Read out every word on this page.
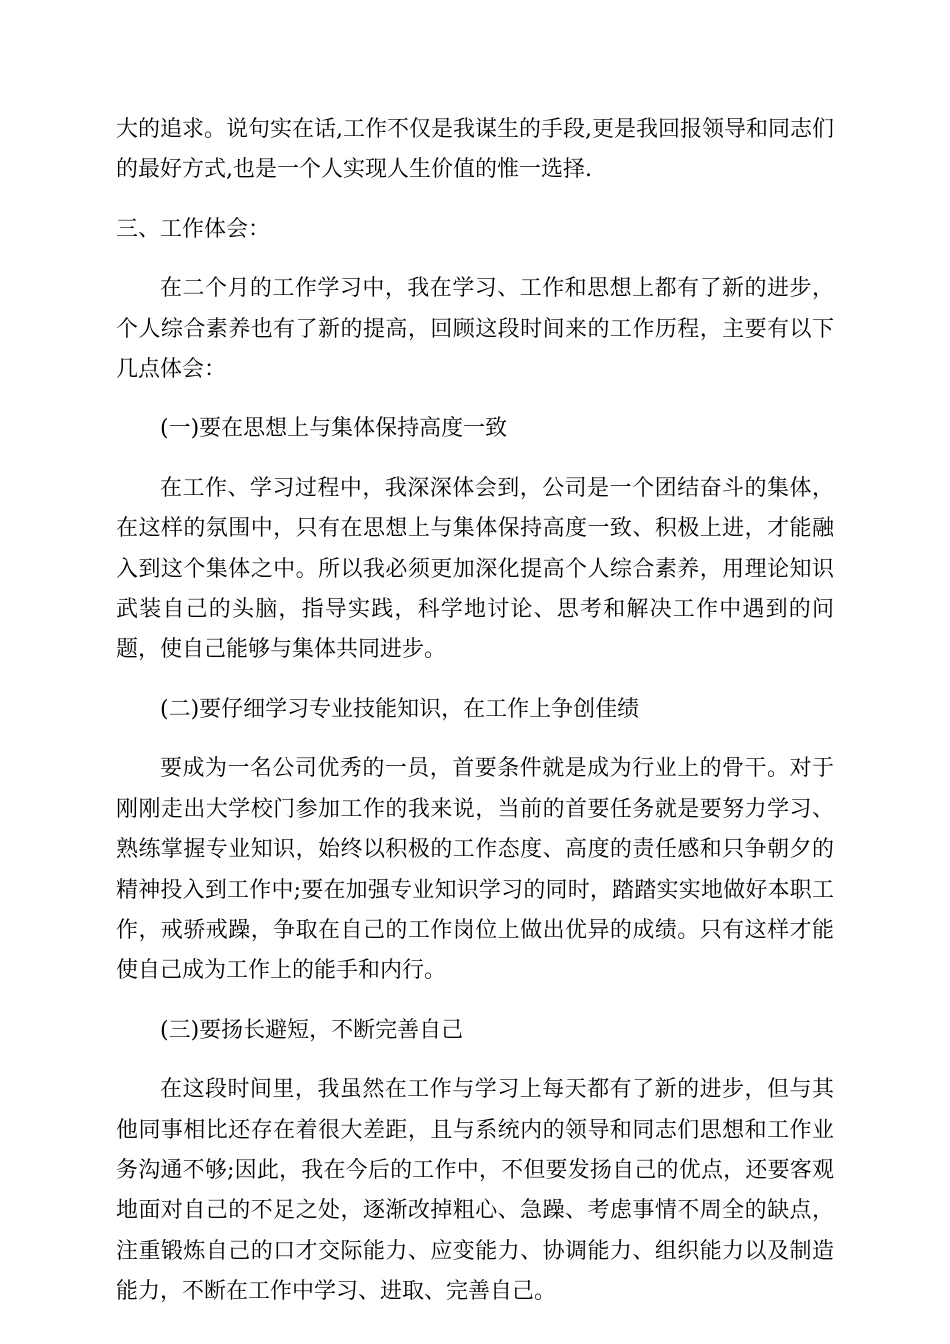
大的追求。说句实在话,工作不仅是我谋生的手段,更是我回报领导和同志们的最好方式,也是一个人实现人生价值的惟一选择.

三、工作体会：

在二个月的工作学习中，我在学习、工作和思想上都有了新的进步，个人综合素养也有了新的提高，回顾这段时间来的工作历程，主要有以下几点体会：

(一)要在思想上与集体保持高度一致

在工作、学习过程中，我深深体会到，公司是一个团结奋斗的集体，在这样的氛围中，只有在思想上与集体保持高度一致、积极上进，才能融入到这个集体之中。所以我必须更加深化提高个人综合素养，用理论知识武装自己的头脑，指导实践，科学地讨论、思考和解决工作中遇到的问题，使自己能够与集体共同进步。

(二)要仔细学习专业技能知识，在工作上争创佳绩

要成为一名公司优秀的一员，首要条件就是成为行业上的骨干。对于刚刚走出大学校门参加工作的我来说，当前的首要任务就是要努力学习、熟练掌握专业知识，始终以积极的工作态度、高度的责任感和只争朝夕的精神投入到工作中;要在加强专业知识学习的同时，踏踏实实地做好本职工作，戒骄戒躁，争取在自己的工作岗位上做出优异的成绩。只有这样才能使自己成为工作上的能手和内行。

(三)要扬长避短，不断完善自己

在这段时间里，我虽然在工作与学习上每天都有了新的进步，但与其他同事相比还存在着很大差距，且与系统内的领导和同志们思想和工作业务沟通不够;因此，我在今后的工作中，不但要发扬自己的优点，还要客观地面对自己的不足之处，逐渐改掉粗心、急躁、考虑事情不周全的缺点，注重锻炼自己的口才交际能力、应变能力、协调能力、组织能力以及制造能力，不断在工作中学习、进取、完善自己。
